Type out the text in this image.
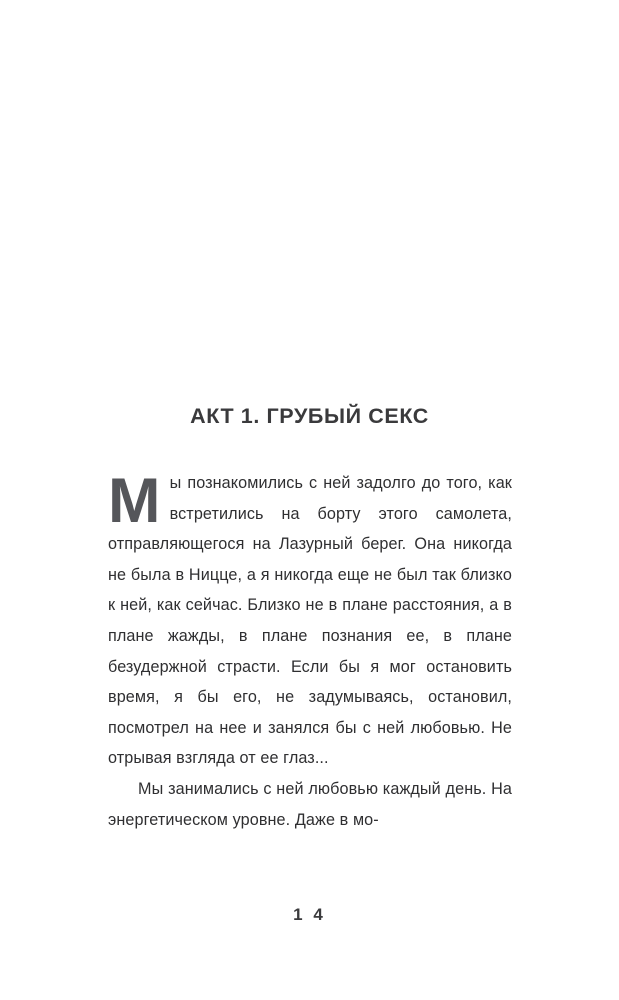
АКТ 1. ГРУБЫЙ СЕКС

Мы познакомились с ней задолго до того, как встретились на борту этого самолета, отправляющегося на Лазурный берег. Она никогда не была в Ницце, а я никогда еще не был так близко к ней, как сейчас. Близко не в плане расстояния, а в плане жажды, в плане познания ее, в плане безудержной страсти. Если бы я мог остановить время, я бы его, не задумываясь, остановил, посмотрел на нее и занялся бы с ней любовью. Не отрывая взгляда от ее глаз...

Мы занимались с ней любовью каждый день. На энергетическом уровне. Даже в мо-

1 4
